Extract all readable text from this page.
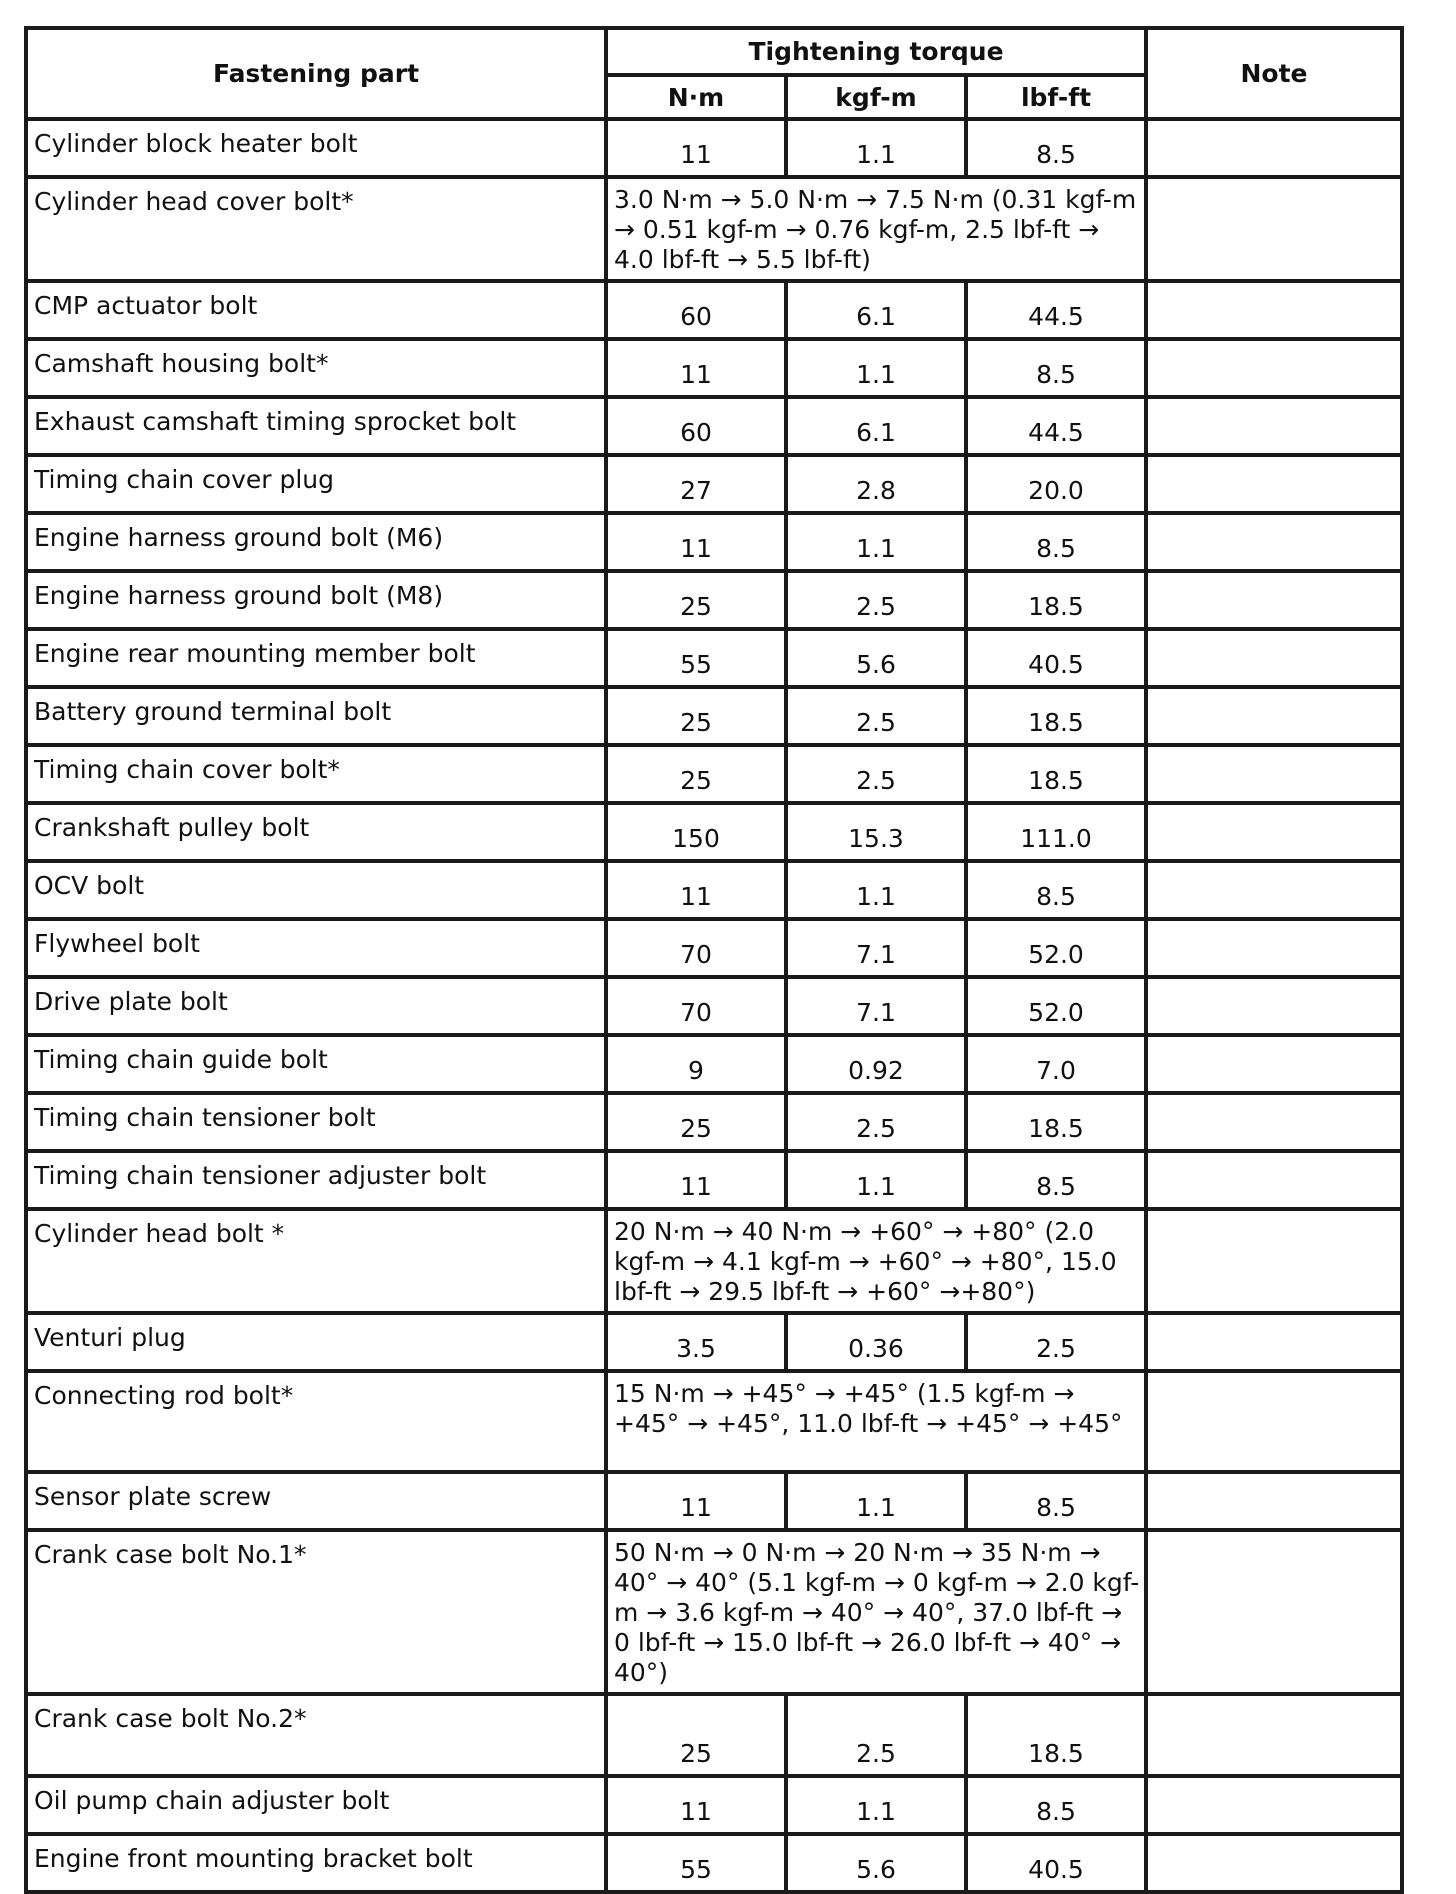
Fastening part	Tightening torque			Note
	N·m	kgf-m	lbf-ft	
Cylinder block heater bolt	11	1.1	8.5	
Cylinder head cover bolt*	3.0 N·m → 5.0 N·m → 7.5 N·m (0.31 kgf-m → 0.51 kgf-m → 0.76 kgf-m, 2.5 lbf-ft → 4.0 lbf-ft → 5.5 lbf-ft)			
CMP actuator bolt	60	6.1	44.5	
Camshaft housing bolt*	11	1.1	8.5	
Exhaust camshaft timing sprocket bolt	60	6.1	44.5	
Timing chain cover plug	27	2.8	20.0	
Engine harness ground bolt (M6)	11	1.1	8.5	
Engine harness ground bolt (M8)	25	2.5	18.5	
Engine rear mounting member bolt	55	5.6	40.5	
Battery ground terminal bolt	25	2.5	18.5	
Timing chain cover bolt*	25	2.5	18.5	
Crankshaft pulley bolt	150	15.3	111.0	
OCV bolt	11	1.1	8.5	
Flywheel bolt	70	7.1	52.0	
Drive plate bolt	70	7.1	52.0	
Timing chain guide bolt	9	0.92	7.0	
Timing chain tensioner bolt	25	2.5	18.5	
Timing chain tensioner adjuster bolt	11	1.1	8.5	
Cylinder head bolt *	20 N·m → 40 N·m → +60° → +80° (2.0 kgf-m → 4.1 kgf-m → +60° → +80°, 15.0 lbf-ft → 29.5 lbf-ft → +60° →+80°)			
Venturi plug	3.5	0.36	2.5	
Connecting rod bolt*	15 N·m → +45° → +45° (1.5 kgf-m → +45° → +45°, 11.0 lbf-ft → +45° → +45°			
Sensor plate screw	11	1.1	8.5	
Crank case bolt No.1*	50 N·m → 0 N·m → 20 N·m → 35 N·m → 40° → 40° (5.1 kgf-m → 0 kgf-m → 2.0 kgf-m → 3.6 kgf-m → 40° → 40°, 37.0 lbf-ft → 0 lbf-ft → 15.0 lbf-ft → 26.0 lbf-ft → 40° → 40°)			
Crank case bolt No.2*	25	2.5	18.5	
Oil pump chain adjuster bolt	11	1.1	8.5	
Engine front mounting bracket bolt	55	5.6	40.5	
